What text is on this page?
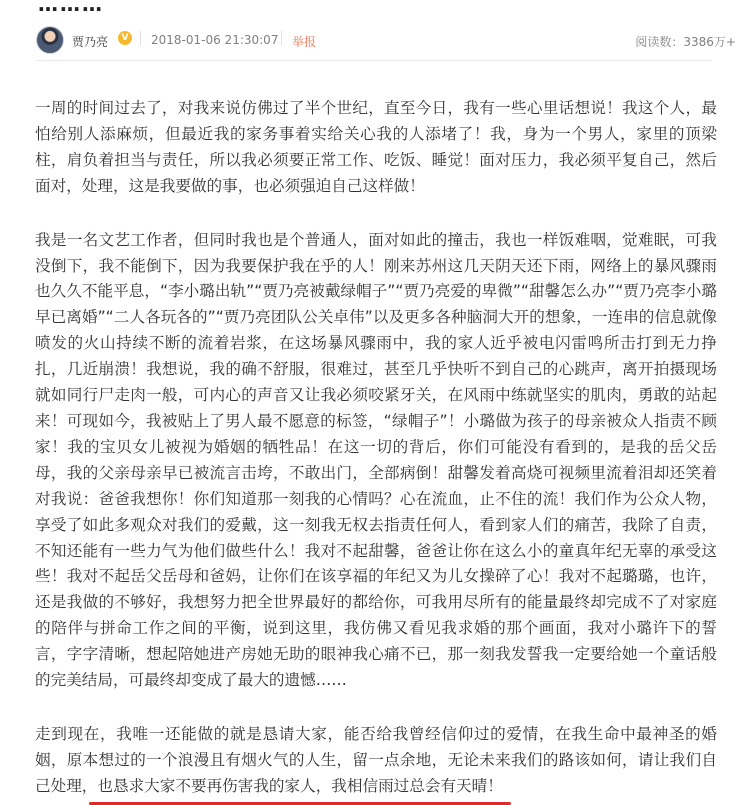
………
贾乃亮	V 2018-01-06 21:30:07 举报	阅读数：3386万+

一周的时间过去了，对我来说仿佛过了半个世纪，直至今日，我有一些心里话想说！我这个人，最怕给别人添麻烦，但最近我的家务事着实给关心我的人添堵了！我，身为一个男人，家里的顶梁柱，肩负着担当与责任，所以我必须要正常工作、吃饭、睡觉！面对压力，我必须平复自己，然后面对，处理，这是我要做的事，也必须强迫自己这样做！

我是一名文艺工作者，但同时我也是个普通人，面对如此的撞击，我也一样饭难咽，觉难眠，可我没倒下，我不能倒下，因为我要保护我在乎的人！刚来苏州这几天阴天还下雨，网络上的暴风骤雨也久久不能平息，“李小璐出轨”“贾乃亮被戴绿帽子”“贾乃亮爱的卑微”“甜馨怎么办”“贾乃亮李小璐早已离婚”“二人各玩各的”“贾乃亮团队公关卓伟”以及更多各种脑洞大开的想象，一连串的信息就像喷发的火山持续不断的流着岩浆，在这场暴风骤雨中，我的家人近乎被电闪雷鸣所击打到无力挣扎，几近崩溃！我想说，我的确不舒服，很难过，甚至几乎快听不到自己的心跳声，离开拍摄现场就如同行尸走肉一般，可内心的声音又让我必须咬紧牙关，在风雨中练就坚实的肌肉，勇敢的站起来！可现如今，我被贴上了男人最不愿意的标签，“绿帽子”！小璐做为孩子的母亲被众人指责不顾家！我的宝贝女儿被视为婚姻的牺牲品！在这一切的背后，你们可能没有看到的，是我的岳父岳母，我的父亲母亲早已被流言击垮，不敢出门，全部病倒！甜馨发着高烧可视频里流着泪却还笑着对我说：爸爸我想你！你们知道那一刻我的心情吗？心在流血，止不住的流！我们作为公众人物，享受了如此多观众对我们的爱戴，这一刻我无权去指责任何人，看到家人们的痛苦，我除了自责，不知还能有一些力气为他们做些什么！我对不起甜馨，爸爸让你在这么小的童真年纪无辜的承受这些！我对不起岳父岳母和爸妈，让你们在该享福的年纪又为儿女操碎了心！我对不起璐璐，也许，还是我做的不够好，我想努力把全世界最好的都给你，可我用尽所有的能量最终却完成不了对家庭的陪伴与拼命工作之间的平衡，说到这里，我仿佛又看见我求婚的那个画面，我对小璐许下的誓言，字字清晰，想起陪她进产房她无助的眼神我心痛不已，那一刻我发誓我一定要给她一个童话般的完美结局，可最终却变成了最大的遗憾……

走到现在，我唯一还能做的就是恳请大家，能否给我曾经信仰过的爱情，在我生命中最神圣的婚姻，原本想过的一个浪漫且有烟火气的人生，留一点余地，无论未来我们的路该如何，请让我们自己处理，也恳求大家不要再伤害我的家人，我相信雨过总会有天晴！
